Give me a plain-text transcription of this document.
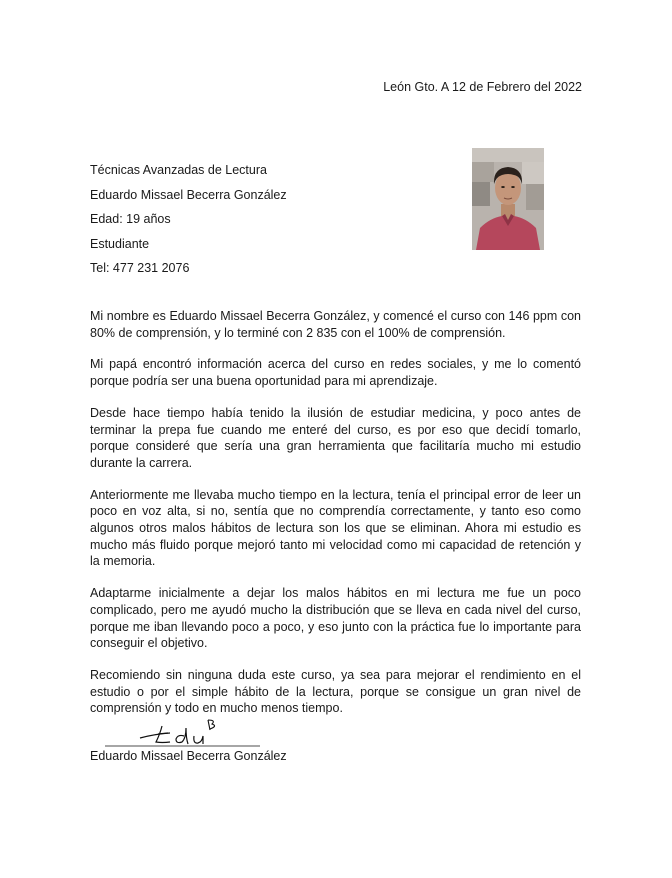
León Gto. A 12 de Febrero del 2022
Técnicas Avanzadas de Lectura
Eduardo Missael Becerra González
Edad: 19 años
Estudiante
Tel: 477 231 2076

Mi nombre es Eduardo Missael Becerra González, y comencé el curso con 146 ppm con 80% de comprensión, y lo terminé con 2 835 con el 100% de comprensión.

Mi papá encontró información acerca del curso en redes sociales, y me lo comentó porque podría ser una buena oportunidad para mi aprendizaje.

Desde hace tiempo había tenido la ilusión de estudiar medicina, y poco antes de terminar la prepa fue cuando me enteré del curso, es por eso que decidí tomarlo, porque consideré que sería una gran herramienta que facilitaría mucho mi estudio durante la carrera.

Anteriormente me llevaba mucho tiempo en la lectura, tenía el principal error de leer un poco en voz alta, si no, sentía que no comprendía correctamente, y tanto eso como algunos otros malos hábitos de lectura son los que se eliminan. Ahora mi estudio es mucho más fluido porque mejoró tanto mi velocidad como mi capacidad de retención y la memoria.

Adaptarme inicialmente a dejar los malos hábitos en mi lectura me fue un poco complicado, pero me ayudó mucho la distribución que se lleva en cada nivel del curso, porque me iban llevando poco a poco, y eso junto con la práctica fue lo importante para conseguir el objetivo.

Recomiendo sin ninguna duda este curso, ya sea para mejorar el rendimiento en el estudio o por el simple hábito de la lectura, porque se consigue un gran nivel de comprensión y todo en mucho menos tiempo.

Eduardo Missael Becerra González
